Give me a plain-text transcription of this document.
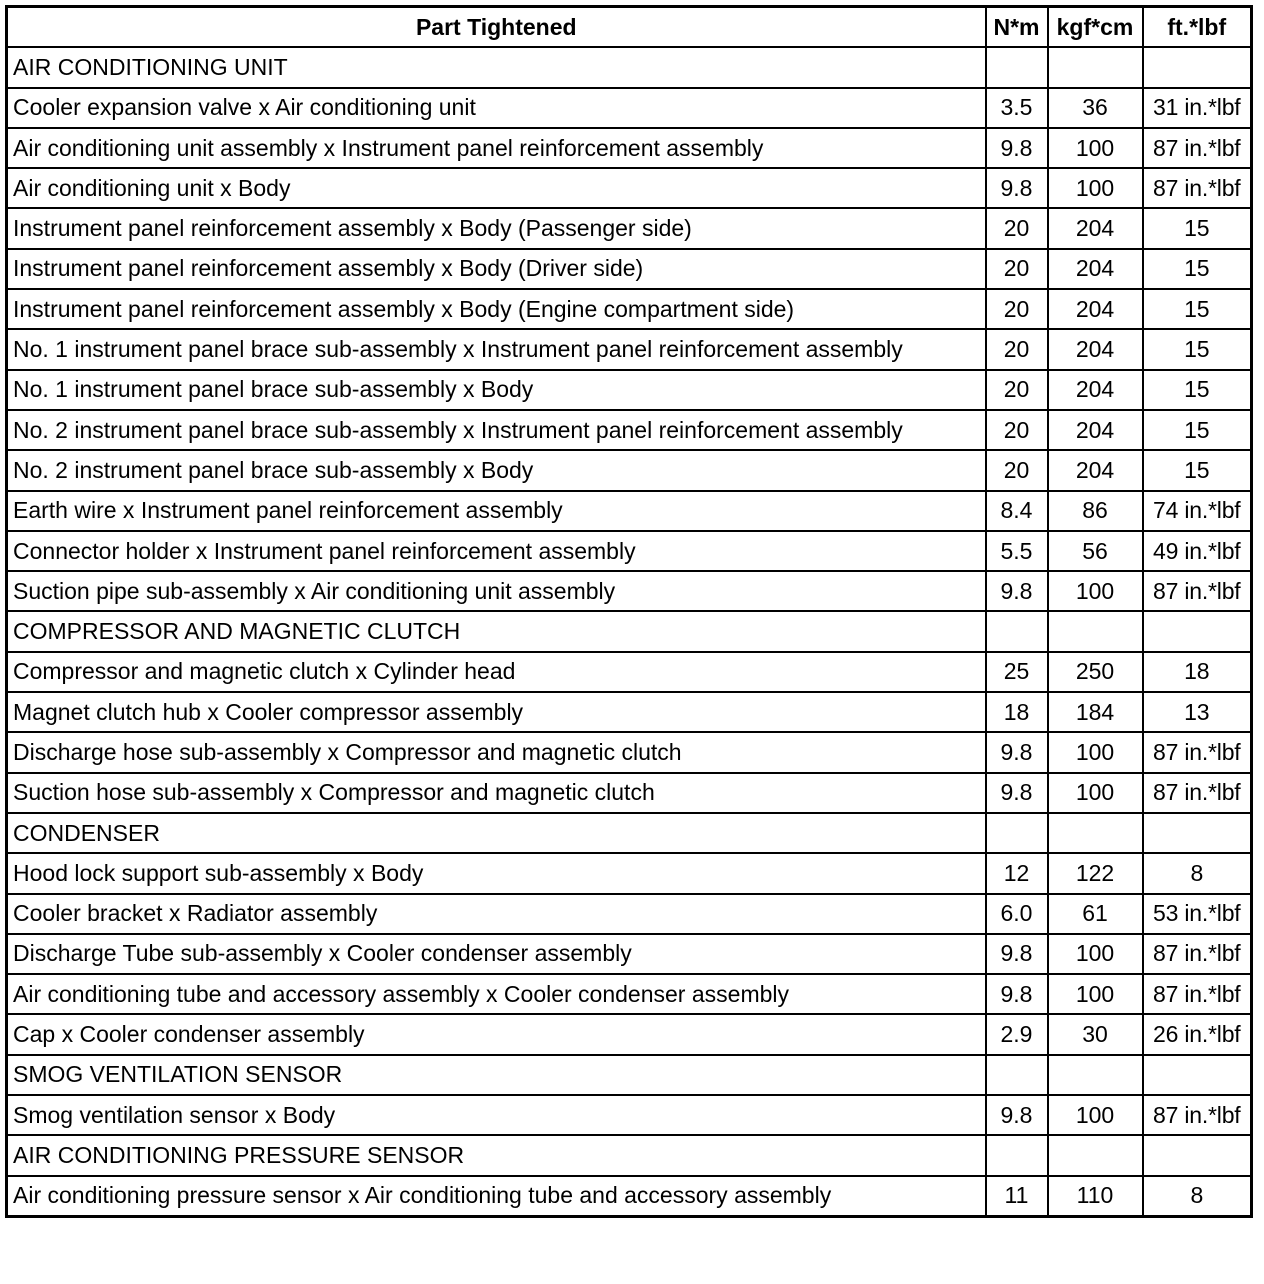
Part Tightened	N*m	kgf*cm	ft.*lbf
AIR CONDITIONING UNIT			
Cooler expansion valve x Air conditioning unit	3.5	36	31 in.*lbf
Air conditioning unit assembly x Instrument panel reinforcement assembly	9.8	100	87 in.*lbf
Air conditioning unit x Body	9.8	100	87 in.*lbf
Instrument panel reinforcement assembly x Body (Passenger side)	20	204	15
Instrument panel reinforcement assembly x Body (Driver side)	20	204	15
Instrument panel reinforcement assembly x Body (Engine compartment side)	20	204	15
No. 1 instrument panel brace sub-assembly x Instrument panel reinforcement assembly	20	204	15
No. 1 instrument panel brace sub-assembly x Body	20	204	15
No. 2 instrument panel brace sub-assembly x Instrument panel reinforcement assembly	20	204	15
No. 2 instrument panel brace sub-assembly x Body	20	204	15
Earth wire x Instrument panel reinforcement assembly	8.4	86	74 in.*lbf
Connector holder x Instrument panel reinforcement assembly	5.5	56	49 in.*lbf
Suction pipe sub-assembly x Air conditioning unit assembly	9.8	100	87 in.*lbf
COMPRESSOR AND MAGNETIC CLUTCH			
Compressor and magnetic clutch x Cylinder head	25	250	18
Magnet clutch hub x Cooler compressor assembly	18	184	13
Discharge hose sub-assembly x Compressor and magnetic clutch	9.8	100	87 in.*lbf
Suction hose sub-assembly x Compressor and magnetic clutch	9.8	100	87 in.*lbf
CONDENSER			
Hood lock support sub-assembly x Body	12	122	8
Cooler bracket x Radiator assembly	6.0	61	53 in.*lbf
Discharge Tube sub-assembly x Cooler condenser assembly	9.8	100	87 in.*lbf
Air conditioning tube and accessory assembly x Cooler condenser assembly	9.8	100	87 in.*lbf
Cap x Cooler condenser assembly	2.9	30	26 in.*lbf
SMOG VENTILATION SENSOR			
Smog ventilation sensor x Body	9.8	100	87 in.*lbf
AIR CONDITIONING PRESSURE SENSOR			
Air conditioning pressure sensor x Air conditioning tube and accessory assembly	11	110	8
